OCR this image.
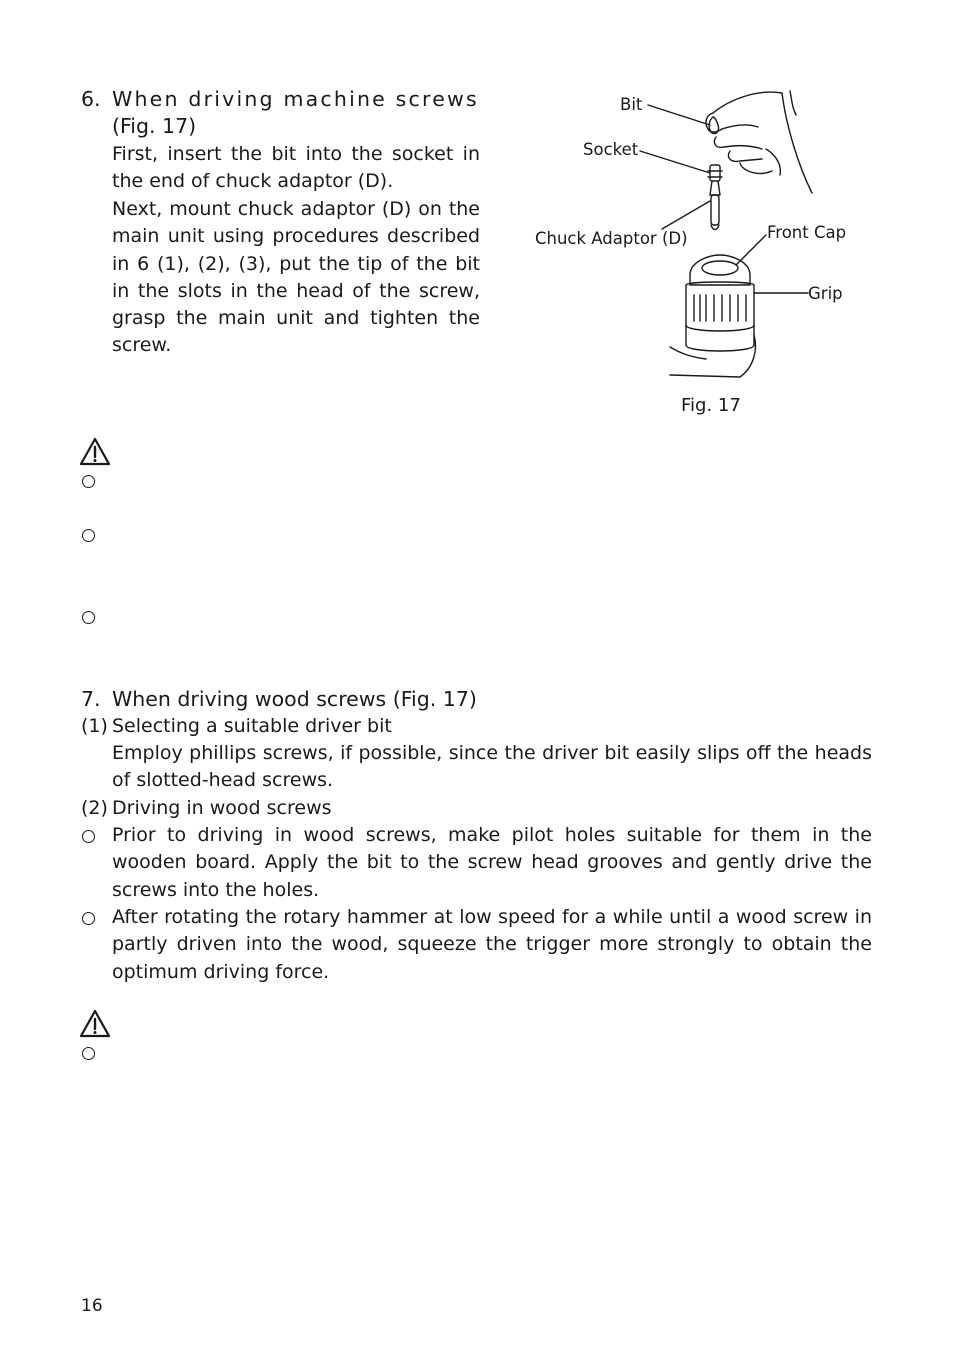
6. When driving machine screws
(Fig. 17)
First, insert the bit into the socket in the end of chuck adaptor (D).
Next, mount chuck adaptor (D) on the main unit using procedures described in 6 (1), (2), (3), put the tip of the bit in the slots in the head of the screw, grasp the main unit and tighten the screw.
Bit
Socket
Chuck Adaptor (D)	Front Cap
Grip
Fig. 17
7. When driving wood screws (Fig. 17)
(1) Selecting a suitable driver bit
Employ phillips screws, if possible, since the driver bit easily slips off the heads of slotted-head screws.
(2) Driving in wood screws
Prior to driving in wood screws, make pilot holes suitable for them in the wooden board. Apply the bit to the screw head grooves and gently drive the screws into the holes.
After rotating the rotary hammer at low speed for a while until a wood screw in partly driven into the wood, squeeze the trigger more strongly to obtain the optimum driving force.
16
